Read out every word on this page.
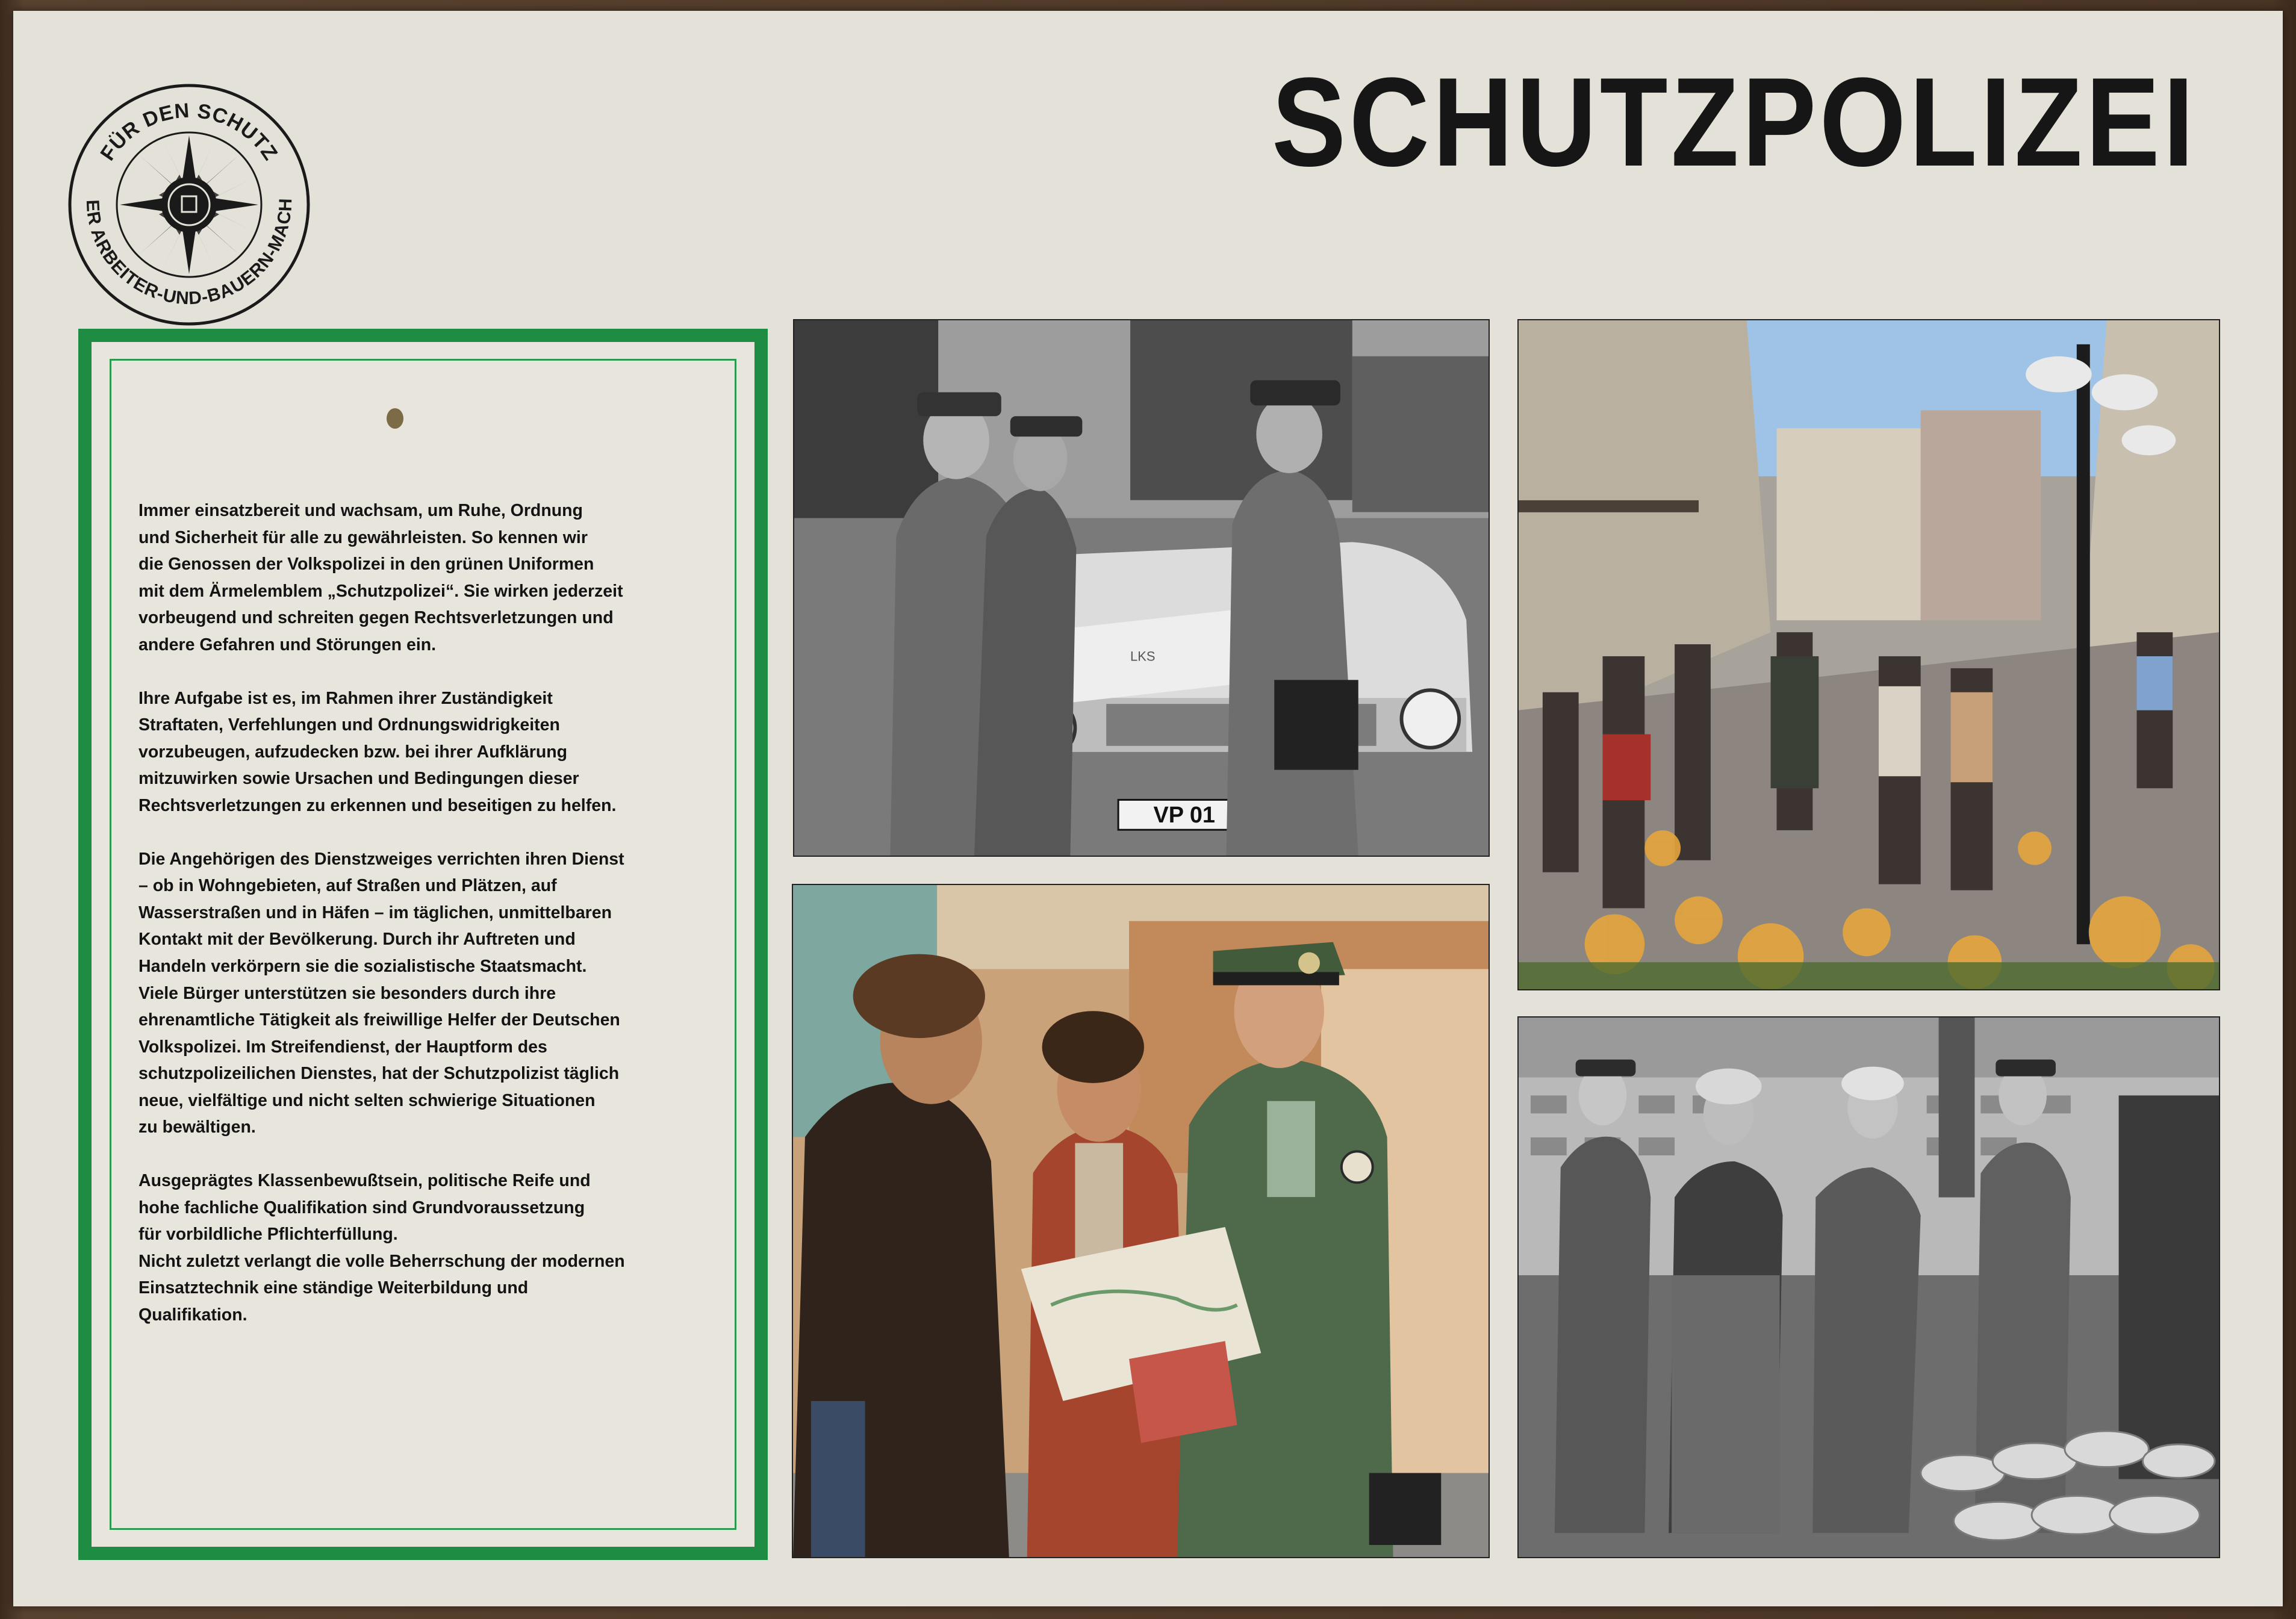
FÜR DEN SCHUTZ
ER ARBEITER-UND-BAUERN-MACH
SCHUTZPOLIZEI

Immer einsatzbereit und wachsam, um Ruhe, Ordnung
und Sicherheit für alle zu gewährleisten. So kennen wir
die Genossen der Volkspolizei in den grünen Uniformen
mit dem Ärmelemblem „Schutzpolizei“. Sie wirken jederzeit
vorbeugend und schreiten gegen Rechtsverletzungen und
andere Gefahren und Störungen ein.

Ihre Aufgabe ist es, im Rahmen ihrer Zuständigkeit
Straftaten, Verfehlungen und Ordnungswidrigkeiten
vorzubeugen, aufzudecken bzw. bei ihrer Aufklärung
mitzuwirken sowie Ursachen und Bedingungen dieser
Rechtsverletzungen zu erkennen und beseitigen zu helfen.

Die Angehörigen des Dienstzweiges verrichten ihren Dienst
– ob in Wohngebieten, auf Straßen und Plätzen, auf
Wasserstraßen und in Häfen – im täglichen, unmittelbaren
Kontakt mit der Bevölkerung. Durch ihr Auftreten und
Handeln verkörpern sie die sozialistische Staatsmacht.
Viele Bürger unterstützen sie besonders durch ihre
ehrenamtliche Tätigkeit als freiwillige Helfer der Deutschen
Volkspolizei. Im Streifendienst, der Hauptform des
schutzpolizeilichen Dienstes, hat der Schutzpolizist täglich
neue, vielfältige und nicht selten schwierige Situationen
zu bewältigen.

Ausgeprägtes Klassenbewußtsein, politische Reife und
hohe fachliche Qualifikation sind Grundvoraussetzung
für vorbildliche Pflichterfüllung.
Nicht zuletzt verlangt die volle Beherrschung der modernen
Einsatztechnik eine ständige Weiterbildung und
Qualifikation.

VP 01
LKS
